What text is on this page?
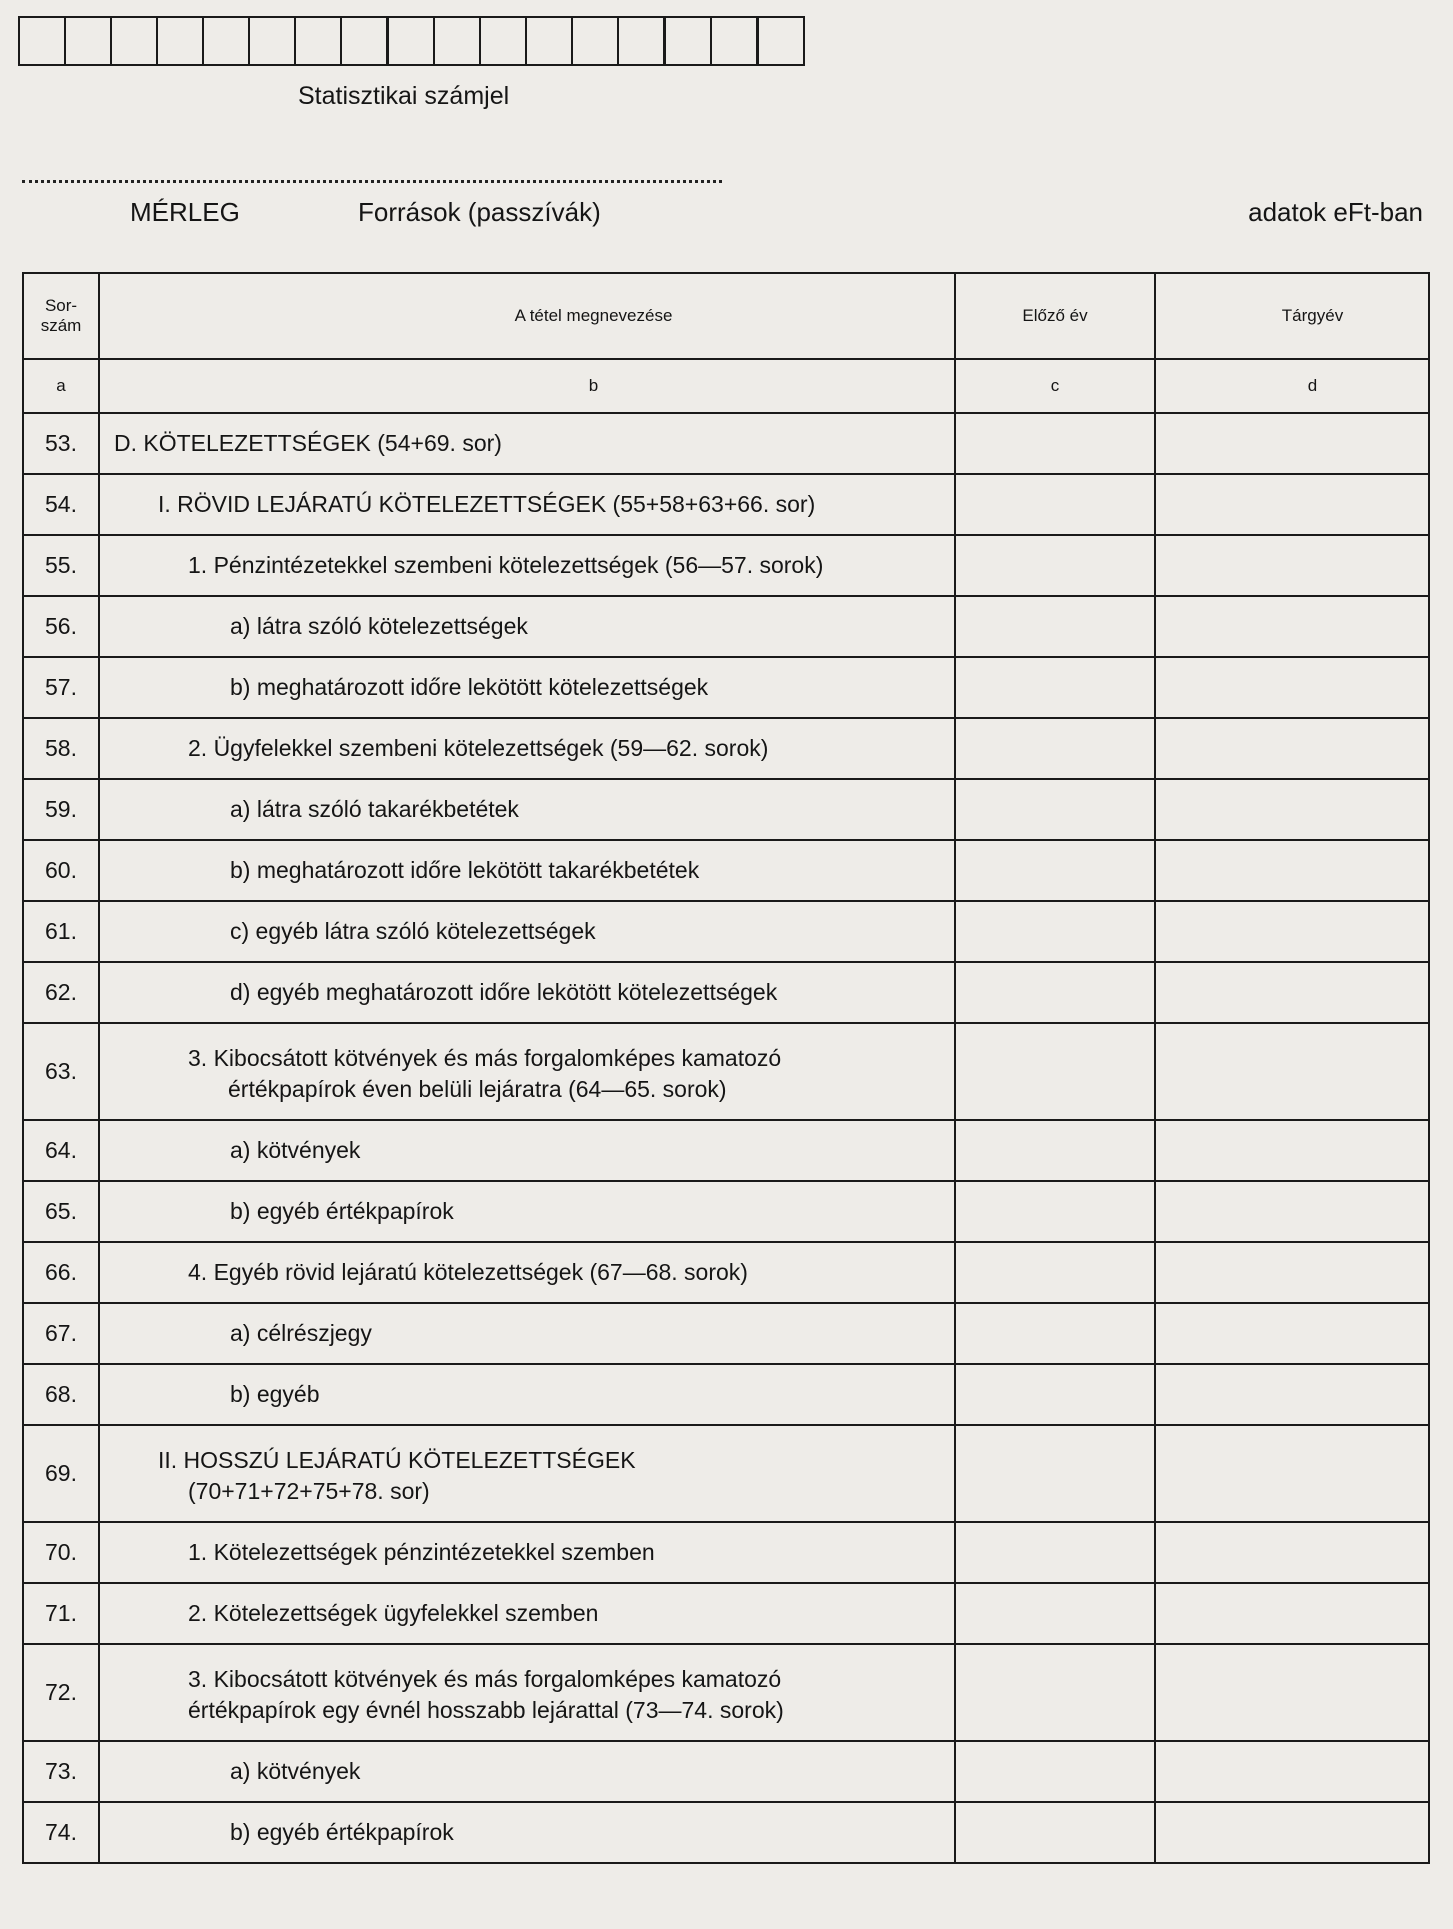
Statisztikai számjel
MÉRLEG	Források (passzívák)	adatok eFt-ban
Sor-
szám		A tétel megnevezése	Előző év		Tárgyév
a		b	c		d
53.	D. KÖTELEZETTSÉGEK (54+69. sor)				

54.	I. RÖVID LEJÁRATÚ KÖTELEZETTSÉGEK (55+58+63+66. sor)				

55.	1. Pénzintézetekkel szembeni kötelezettségek (56—57. sorok)				

56.	a) látra szóló kötelezettségek				

57.	b) meghatározott időre lekötött kötelezettségek				

58.	2. Ügyfelekkel szembeni kötelezettségek (59—62. sorok)				

59.	a) látra szóló takarékbetétek				

60.	b) meghatározott időre lekötött takarékbetétek				

61.	c) egyéb látra szóló kötelezettségek				

62.	d) egyéb meghatározott időre lekötött kötelezettségek				

63.	3. Kibocsátott kötvények és más forgalomképes kamatozó
értékpapírok éven belüli lejáratra (64—65. sorok)				

64.	a) kötvények				

65.	b) egyéb értékpapírok				

66.	4. Egyéb rövid lejáratú kötelezettségek (67—68. sorok)				

67.	a) célrészjegy				

68.	b) egyéb				

69.	II. HOSSZÚ LEJÁRATÚ KÖTELEZETTSÉGEK
(70+71+72+75+78. sor)				

70.	1. Kötelezettségek pénzintézetekkel szemben				

71.	2. Kötelezettségek ügyfelekkel szemben				

72.	3. Kibocsátott kötvények és más forgalomképes kamatozó
értékpapírok egy évnél hosszabb lejárattal (73—74. sorok)				

73.	a) kötvények				

74.	b) egyéb értékpapírok				
